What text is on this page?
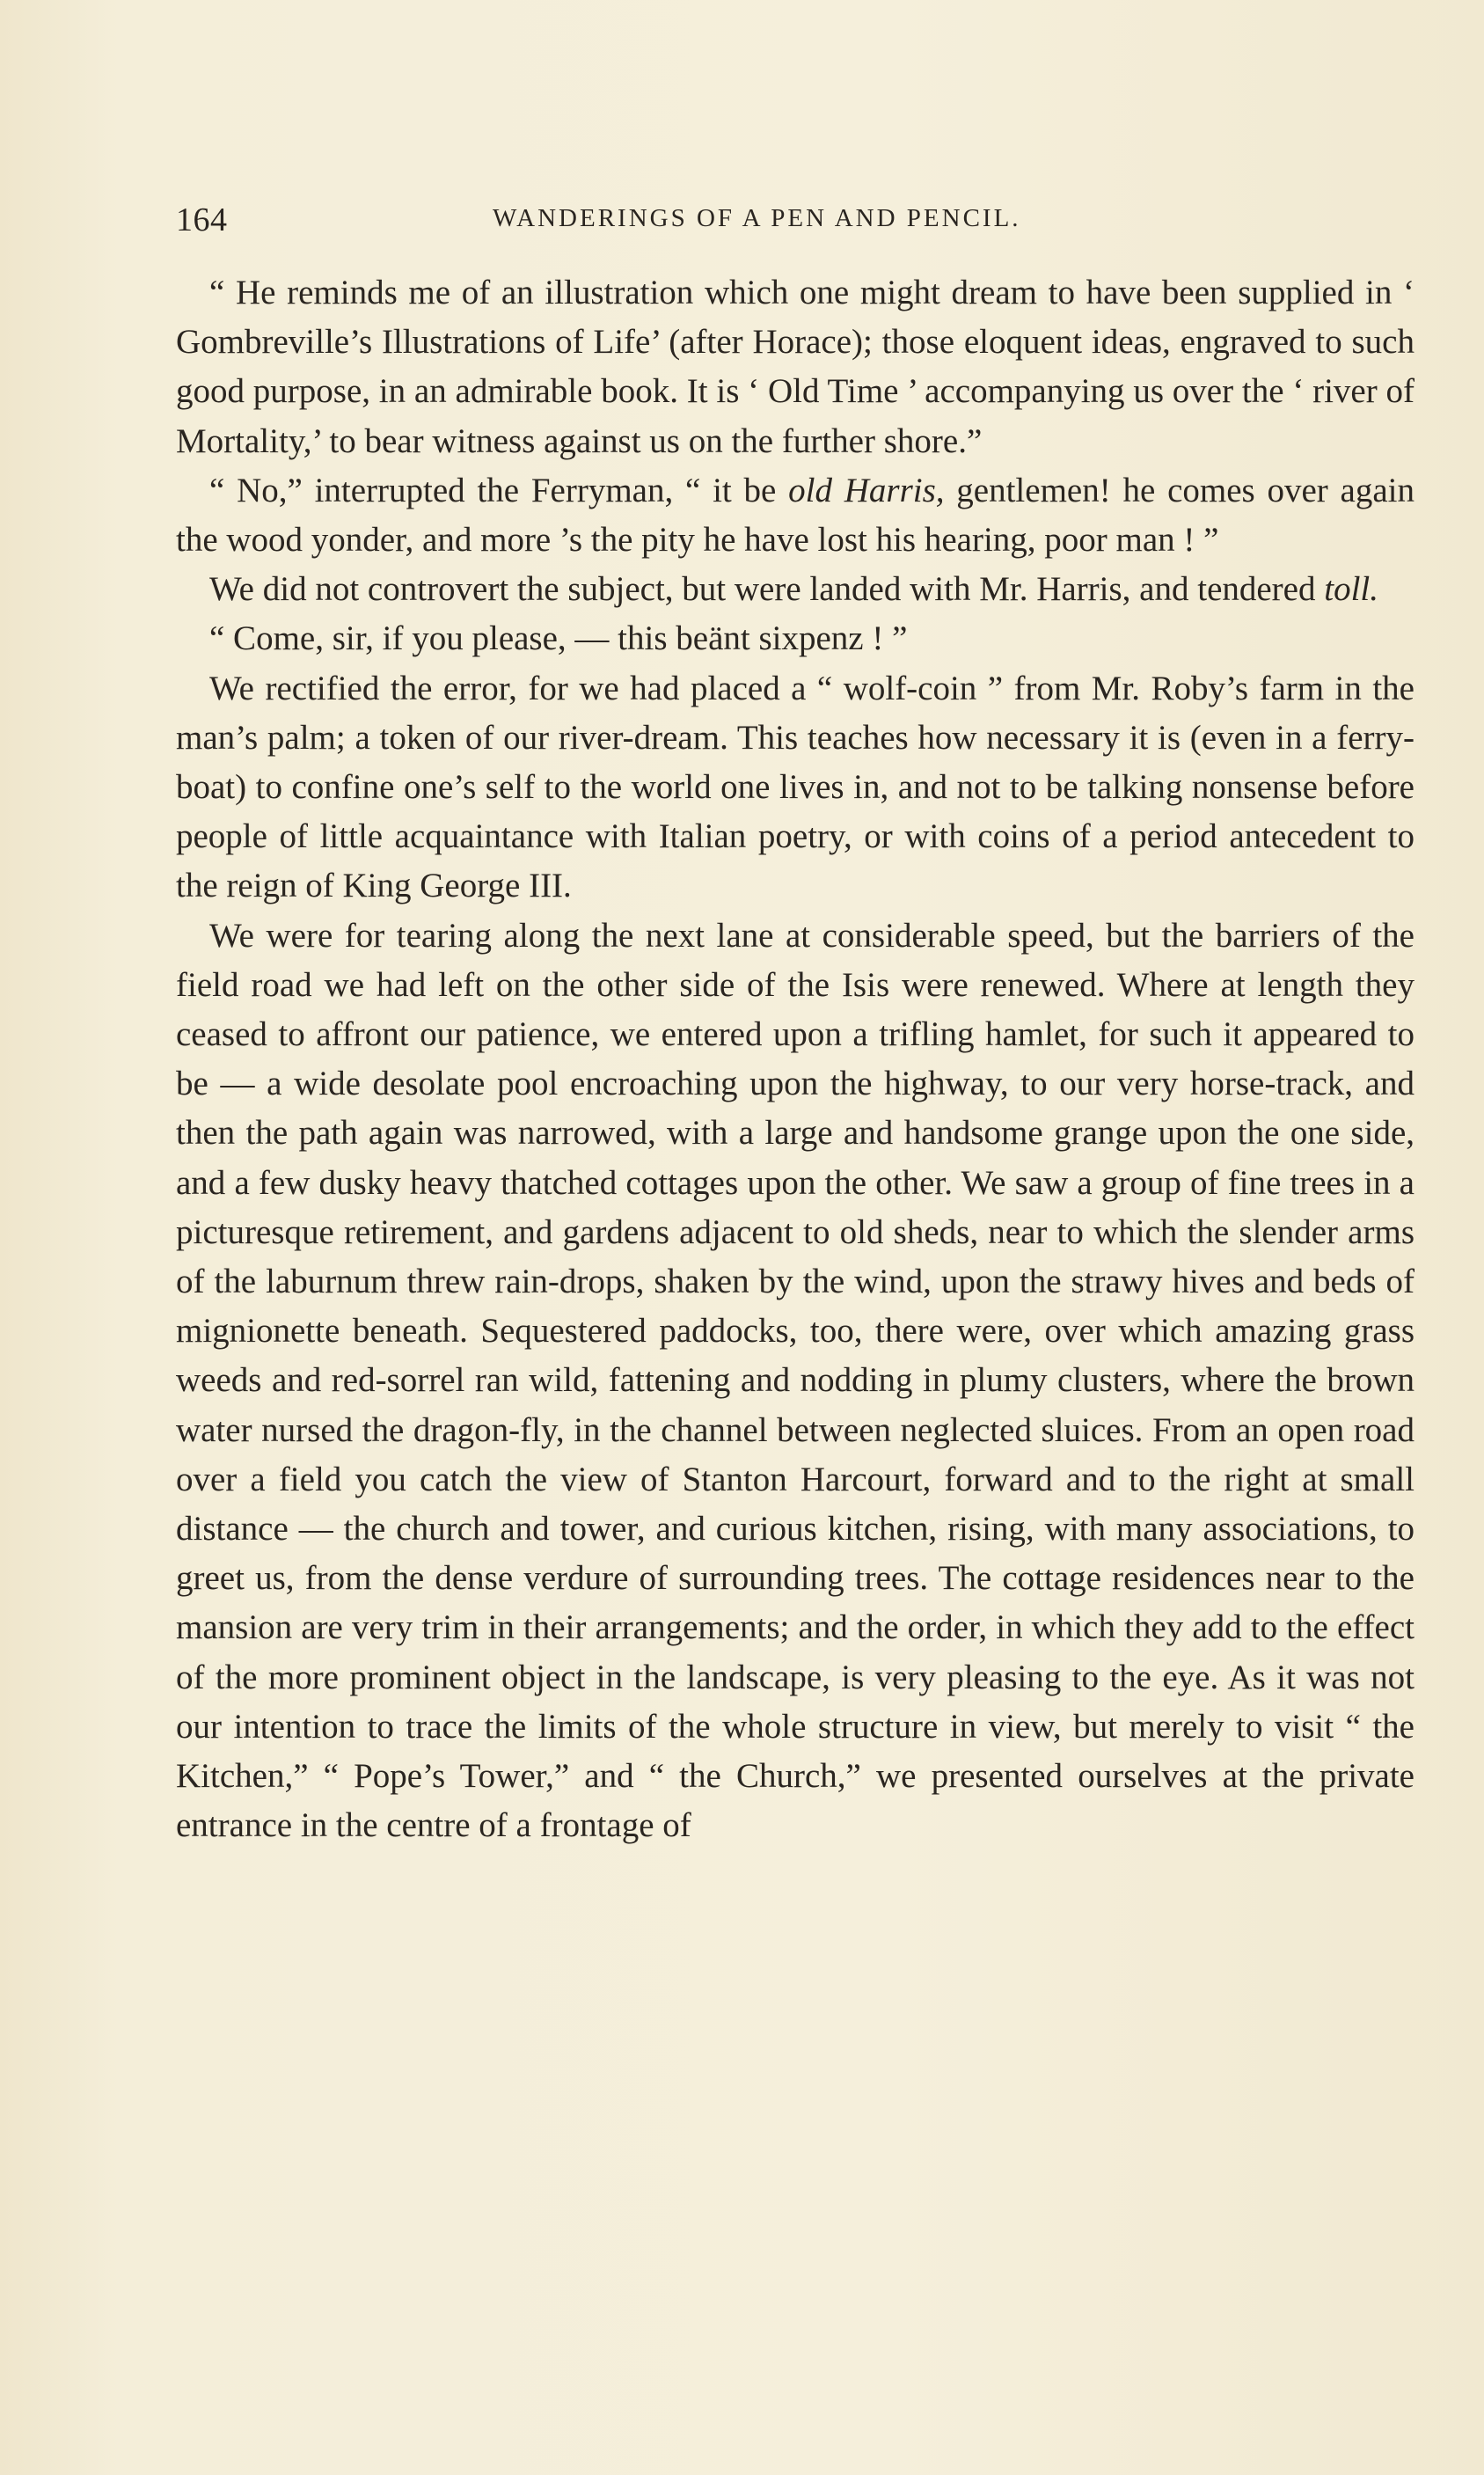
164	WANDERINGS OF A PEN AND PENCIL.

“ He reminds me of an illustration which one might dream to have been supplied in ‘ Gombreville’s Illustrations of Life’ (after Horace); those eloquent ideas, engraved to such good purpose, in an admirable book. It is ‘ Old Time ’ accompanying us over the ‘ river of Mortality,’ to bear witness against us on the further shore.”

“ No,” interrupted the Ferryman, “ it be old Harris, gentlemen! he comes over again the wood yonder, and more ’s the pity he have lost his hearing, poor man ! ”

We did not controvert the subject, but were landed with Mr. Harris, and tendered toll.

“ Come, sir, if you please, — this beänt sixpenz ! ”

We rectified the error, for we had placed a “ wolf-coin ” from Mr. Roby’s farm in the man’s palm; a token of our river-dream. This teaches how necessary it is (even in a ferry-boat) to confine one’s self to the world one lives in, and not to be talking nonsense before people of little acquaintance with Italian poetry, or with coins of a period antecedent to the reign of King George III.

We were for tearing along the next lane at considerable speed, but the barriers of the field road we had left on the other side of the Isis were renewed. Where at length they ceased to affront our patience, we entered upon a trifling hamlet, for such it appeared to be — a wide desolate pool encroaching upon the highway, to our very horse-track, and then the path again was narrowed, with a large and handsome grange upon the one side, and a few dusky heavy thatched cottages upon the other. We saw a group of fine trees in a picturesque retirement, and gardens adjacent to old sheds, near to which the slender arms of the laburnum threw rain-drops, shaken by the wind, upon the strawy hives and beds of mignionette beneath. Sequestered paddocks, too, there were, over which amazing grass weeds and red-sorrel ran wild, fattening and nodding in plumy clusters, where the brown water nursed the dragon-fly, in the channel between neglected sluices. From an open road over a field you catch the view of Stanton Harcourt, forward and to the right at small distance — the church and tower, and curious kitchen, rising, with many associations, to greet us, from the dense verdure of surrounding trees. The cottage residences near to the mansion are very trim in their arrangements; and the order, in which they add to the effect of the more prominent object in the landscape, is very pleasing to the eye. As it was not our intention to trace the limits of the whole structure in view, but merely to visit “ the Kitchen,” “ Pope’s Tower,” and “ the Church,” we presented ourselves at the private entrance in the centre of a frontage of
